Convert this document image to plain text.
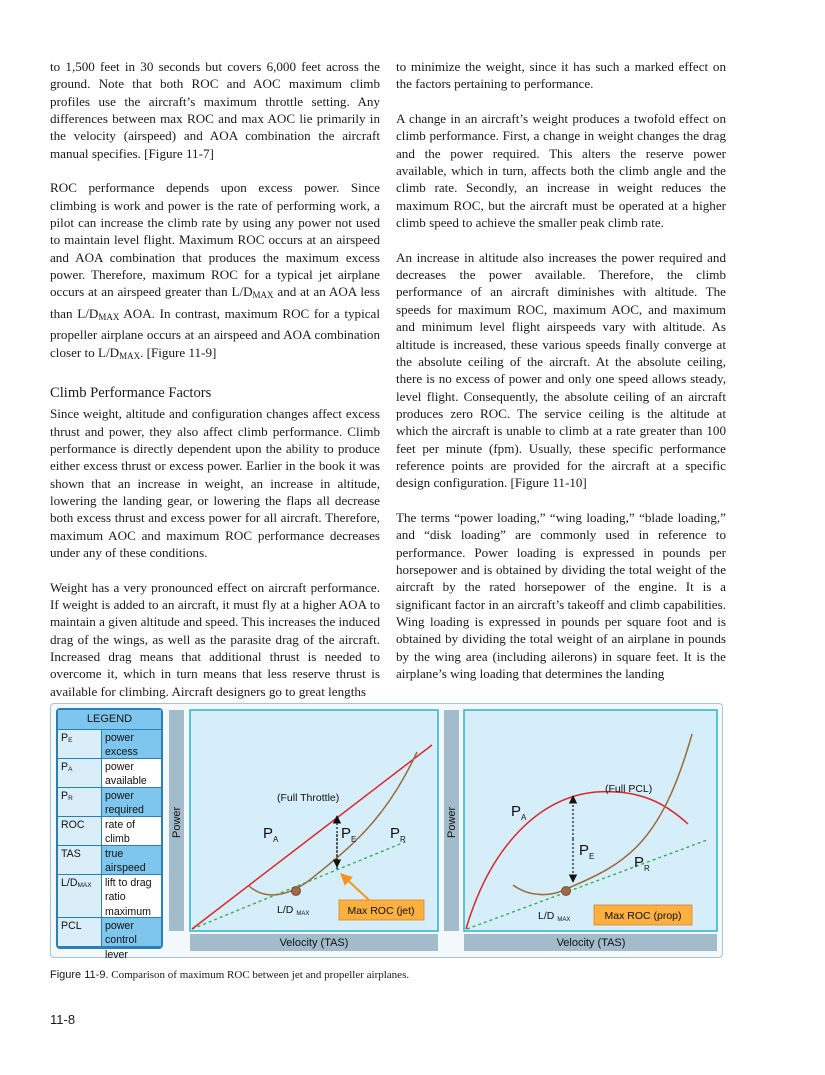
to 1,500 feet in 30 seconds but covers 6,000 feet across the ground. Note that both ROC and AOC maximum climb profiles use the aircraft’s maximum throttle setting. Any differences between max ROC and max AOC lie primarily in the velocity (airspeed) and AOA combination the aircraft manual specifies. [Figure 11-7]

ROC performance depends upon excess power. Since climbing is work and power is the rate of performing work, a pilot can increase the climb rate by using any power not used to maintain level flight. Maximum ROC occurs at an airspeed and AOA combination that produces the maximum excess power. Therefore, maximum ROC for a typical jet airplane occurs at an airspeed greater than $L/D_{MAX}$ and at an AOA less than $L/D_{MAX}$ AOA. In contrast, maximum ROC for a typical propeller airplane occurs at an airspeed and AOA combination closer to $L/D_{MAX}$. [Figure 11-9]

Climb Performance Factors

Since weight, altitude and configuration changes affect excess thrust and power, they also affect climb performance. Climb performance is directly dependent upon the ability to produce either excess thrust or excess power. Earlier in the book it was shown that an increase in weight, an increase in altitude, lowering the landing gear, or lowering the flaps all decrease both excess thrust and excess power for all aircraft. Therefore, maximum AOC and maximum ROC performance decreases under any of these conditions.

Weight has a very pronounced effect on aircraft performance. If weight is added to an aircraft, it must fly at a higher AOA to maintain a given altitude and speed. This increases the induced drag of the wings, as well as the parasite drag of the aircraft. Increased drag means that additional thrust is needed to overcome it, which in turn means that less reserve thrust is available for climbing. Aircraft designers go to great lengths

to minimize the weight, since it has such a marked effect on the factors pertaining to performance.

A change in an aircraft’s weight produces a twofold effect on climb performance. First, a change in weight changes the drag and the power required. This alters the reserve power available, which in turn, affects both the climb angle and the climb rate. Secondly, an increase in weight reduces the maximum ROC, but the aircraft must be operated at a higher climb speed to achieve the smaller peak climb rate.

An increase in altitude also increases the power required and decreases the power available. Therefore, the climb performance of an aircraft diminishes with altitude. The speeds for maximum ROC, maximum AOC, and maximum and minimum level flight airspeeds vary with altitude. As altitude is increased, these various speeds finally converge at the absolute ceiling of the aircraft. At the absolute ceiling, there is no excess of power and only one speed allows steady, level flight. Consequently, the absolute ceiling of an aircraft produces zero ROC. The service ceiling is the altitude at which the aircraft is unable to climb at a rate greater than 100 feet per minute (fpm). Usually, these specific performance reference points are provided for the aircraft at a specific design configuration. [Figure 11-10]

The terms “power loading,” “wing loading,” “blade loading,” and “disk loading” are commonly used in reference to performance. Power loading is expressed in pounds per horsepower and is obtained by dividing the total weight of the aircraft by the rated horsepower of the engine. It is a significant factor in an aircraft’s takeoff and climb capabilities. Wing loading is expressed in pounds per square foot and is obtained by dividing the total weight of an airplane in pounds by the wing area (including ailerons) in square feet. It is the airplane’s wing loading that determines the landing

Power
Velocity (TAS)
(Full Throttle)
$P_A$	$P_E$ $P_R$
L/D MAX	Max ROC (jet)
Power
Velocity (TAS)
(Full PCL)
$P_A$
$P_E$	$P_R$
L/D MAX	Max ROC (prop)
LEGEND
PE	power excess
PA	power available
PR	power required
ROC	rate of climb
TAS	true airspeed
L/DMAX	lift to drag ratio maximum
PCL	power control lever
Figure 11-9. Comparison of maximum ROC between jet and propeller airplanes.
11-8
